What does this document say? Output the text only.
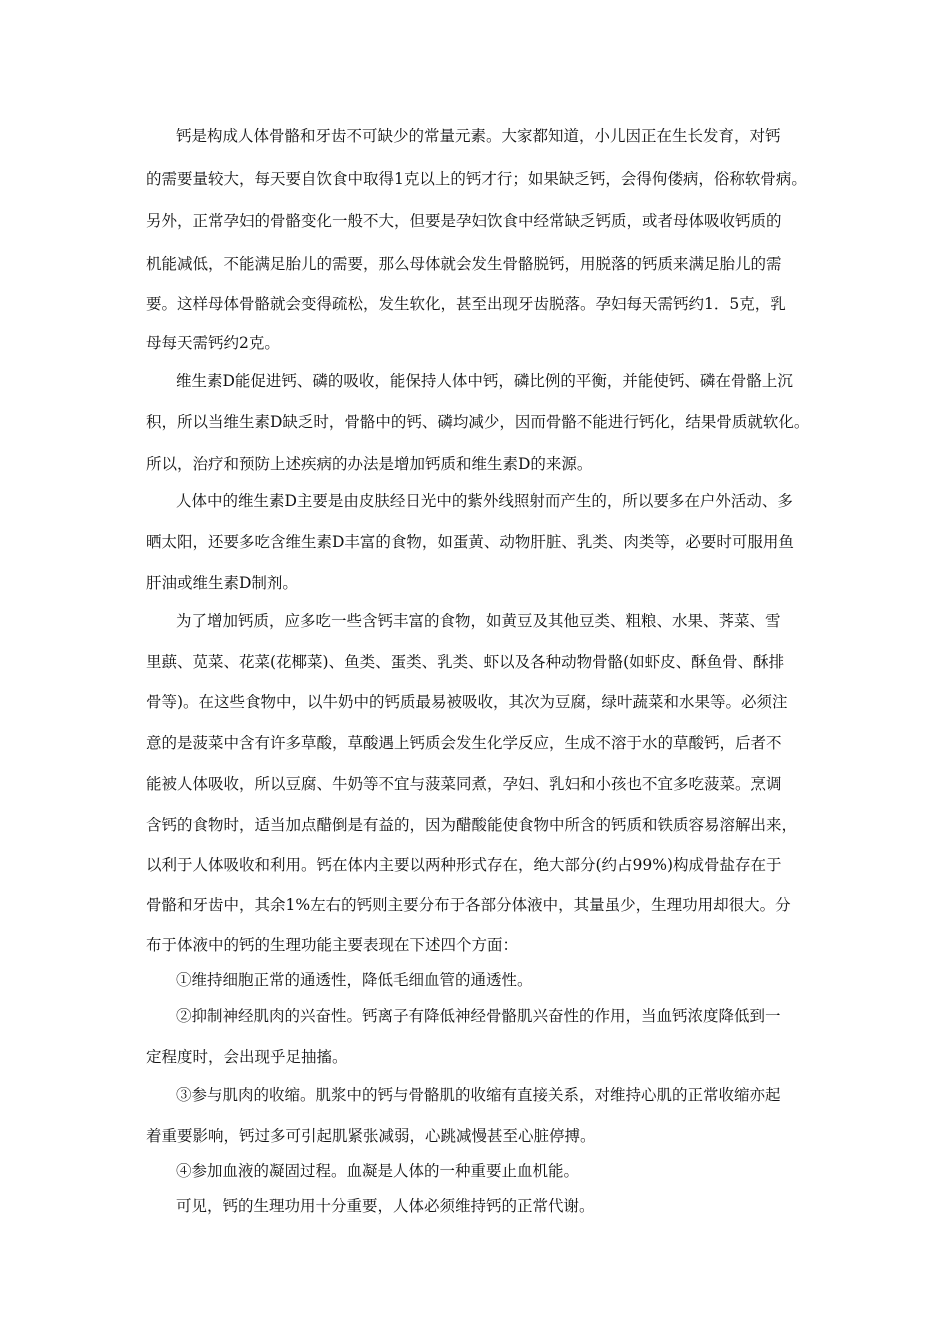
钙是构成人体骨骼和牙齿不可缺少的常量元素。大家都知道，小儿因正在生长发育，对钙
的需要量较大，每天要自饮食中取得1克以上的钙才行；如果缺乏钙，会得佝偻病，俗称软骨病。
另外，正常孕妇的骨骼变化一般不大，但要是孕妇饮食中经常缺乏钙质，或者母体吸收钙质的
机能减低，不能满足胎儿的需要，那么母体就会发生骨骼脱钙，用脱落的钙质来满足胎儿的需
要。这样母体骨骼就会变得疏松，发生软化，甚至出现牙齿脱落。孕妇每天需钙约1．5克，乳
母每天需钙约2克。
维生素D能促进钙、磷的吸收，能保持人体中钙，磷比例的平衡，并能使钙、磷在骨骼上沉
积，所以当维生素D缺乏时，骨骼中的钙、磷均减少，因而骨骼不能进行钙化，结果骨质就软化。
所以，治疗和预防上述疾病的办法是增加钙质和维生素D的来源。
人体中的维生素D主要是由皮肤经日光中的紫外线照射而产生的，所以要多在户外活动、多
晒太阳，还要多吃含维生素D丰富的食物，如蛋黄、动物肝脏、乳类、肉类等，必要时可服用鱼
肝油或维生素D制剂。
为了增加钙质，应多吃一些含钙丰富的食物，如黄豆及其他豆类、粗粮、水果、荠菜、雪
里蕻、苋菜、花菜(花椰菜)、鱼类、蛋类、乳类、虾以及各种动物骨骼(如虾皮、酥鱼骨、酥排
骨等)。在这些食物中，以牛奶中的钙质最易被吸收，其次为豆腐，绿叶蔬菜和水果等。必须注
意的是菠菜中含有许多草酸，草酸遇上钙质会发生化学反应，生成不溶于水的草酸钙，后者不
能被人体吸收，所以豆腐、牛奶等不宜与菠菜同煮，孕妇、乳妇和小孩也不宜多吃菠菜。烹调
含钙的食物时，适当加点醋倒是有益的，因为醋酸能使食物中所含的钙质和铁质容易溶解出来，
以利于人体吸收和利用。钙在体内主要以两种形式存在，绝大部分(约占99%)构成骨盐存在于
骨骼和牙齿中，其余1%左右的钙则主要分布于各部分体液中，其量虽少，生理功用却很大。分
布于体液中的钙的生理功能主要表现在下述四个方面：
①维持细胞正常的通透性，降低毛细血管的通透性。
②抑制神经肌肉的兴奋性。钙离子有降低神经骨骼肌兴奋性的作用，当血钙浓度降低到一
定程度时，会出现乎足抽搐。
③参与肌肉的收缩。肌浆中的钙与骨骼肌的收缩有直接关系，对维持心肌的正常收缩亦起
着重要影响，钙过多可引起肌紧张减弱，心跳减慢甚至心脏停搏。
④参加血液的凝固过程。血凝是人体的一种重要止血机能。
可见，钙的生理功用十分重要，人体必须维持钙的正常代谢。
